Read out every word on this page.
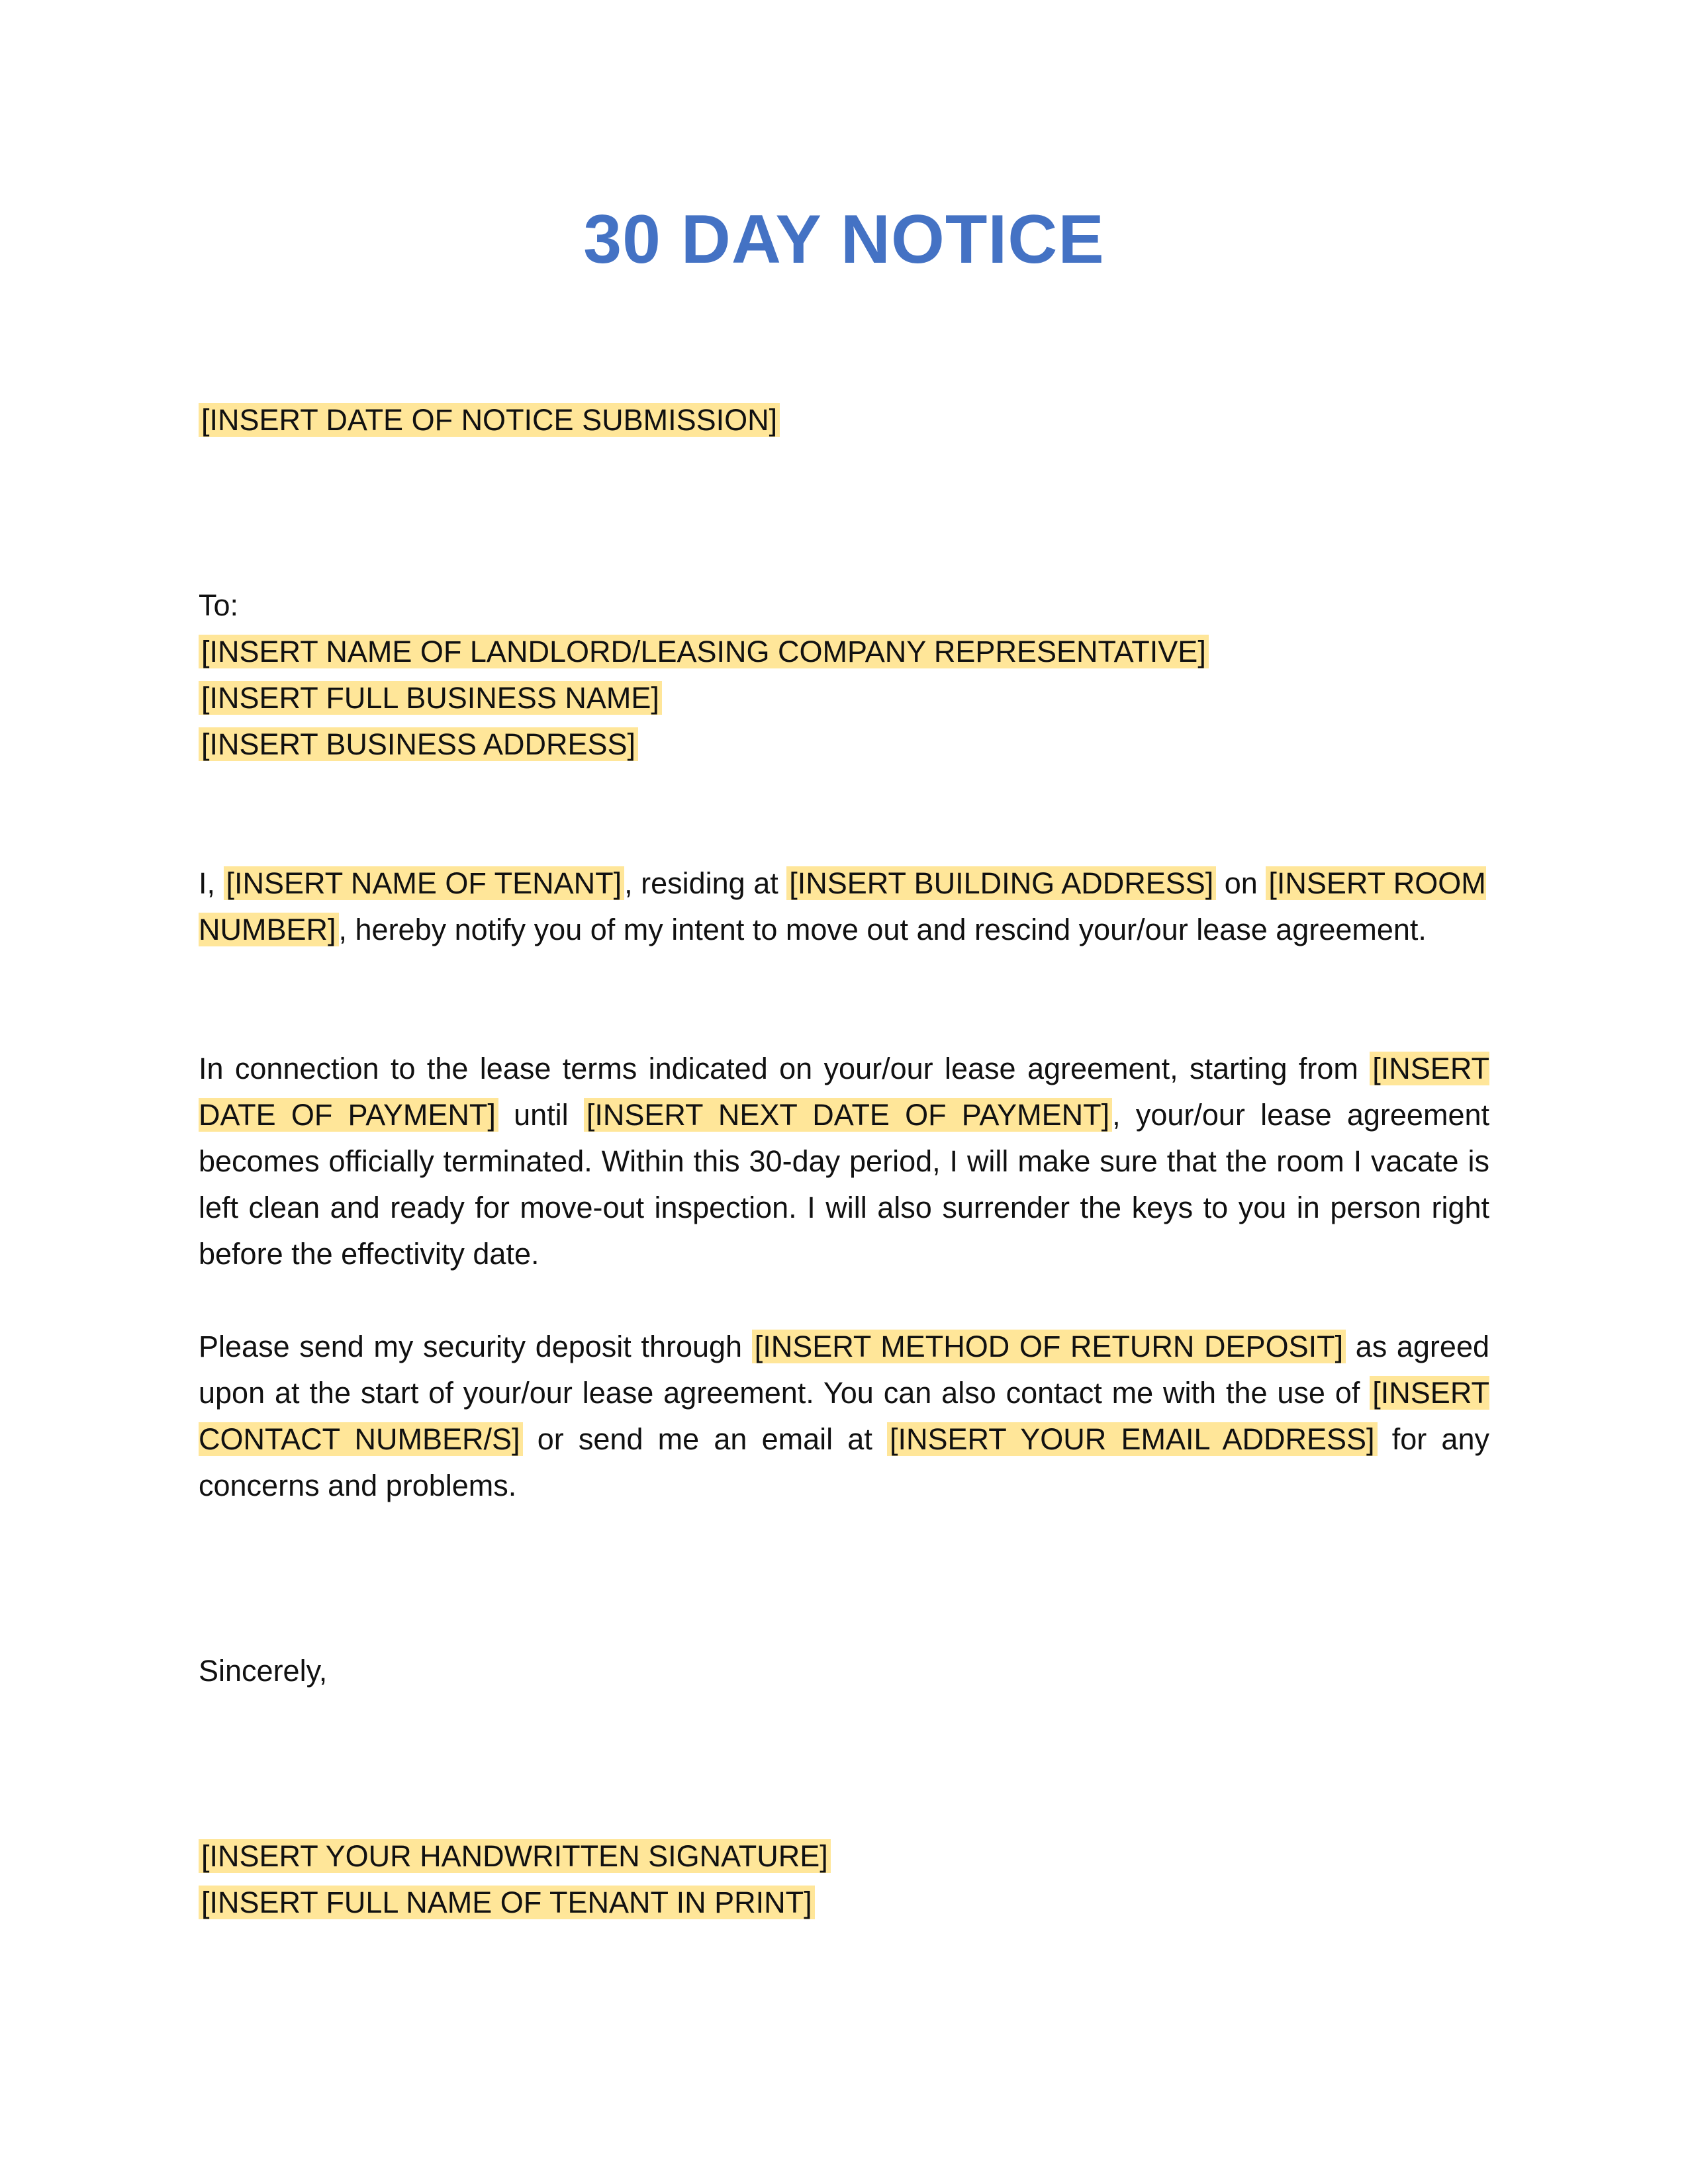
30 DAY NOTICE
[INSERT DATE OF NOTICE SUBMISSION]
To:
[INSERT NAME OF LANDLORD/LEASING COMPANY REPRESENTATIVE]
[INSERT FULL BUSINESS NAME]
[INSERT BUSINESS ADDRESS]
I, [INSERT NAME OF TENANT], residing at [INSERT BUILDING ADDRESS] on [INSERT ROOM NUMBER], hereby notify you of my intent to move out and rescind your/our lease agreement.
In connection to the lease terms indicated on your/our lease agreement, starting from [INSERT DATE OF PAYMENT] until [INSERT NEXT DATE OF PAYMENT], your/our lease agreement becomes officially terminated. Within this 30-day period, I will make sure that the room I vacate is left clean and ready for move-out inspection. I will also surrender the keys to you in person right before the effectivity date.
Please send my security deposit through [INSERT METHOD OF RETURN DEPOSIT] as agreed upon at the start of your/our lease agreement. You can also contact me with the use of [INSERT CONTACT NUMBER/S] or send me an email at [INSERT YOUR EMAIL ADDRESS] for any concerns and problems.
Sincerely,
[INSERT YOUR HANDWRITTEN SIGNATURE]
[INSERT FULL NAME OF TENANT IN PRINT]
